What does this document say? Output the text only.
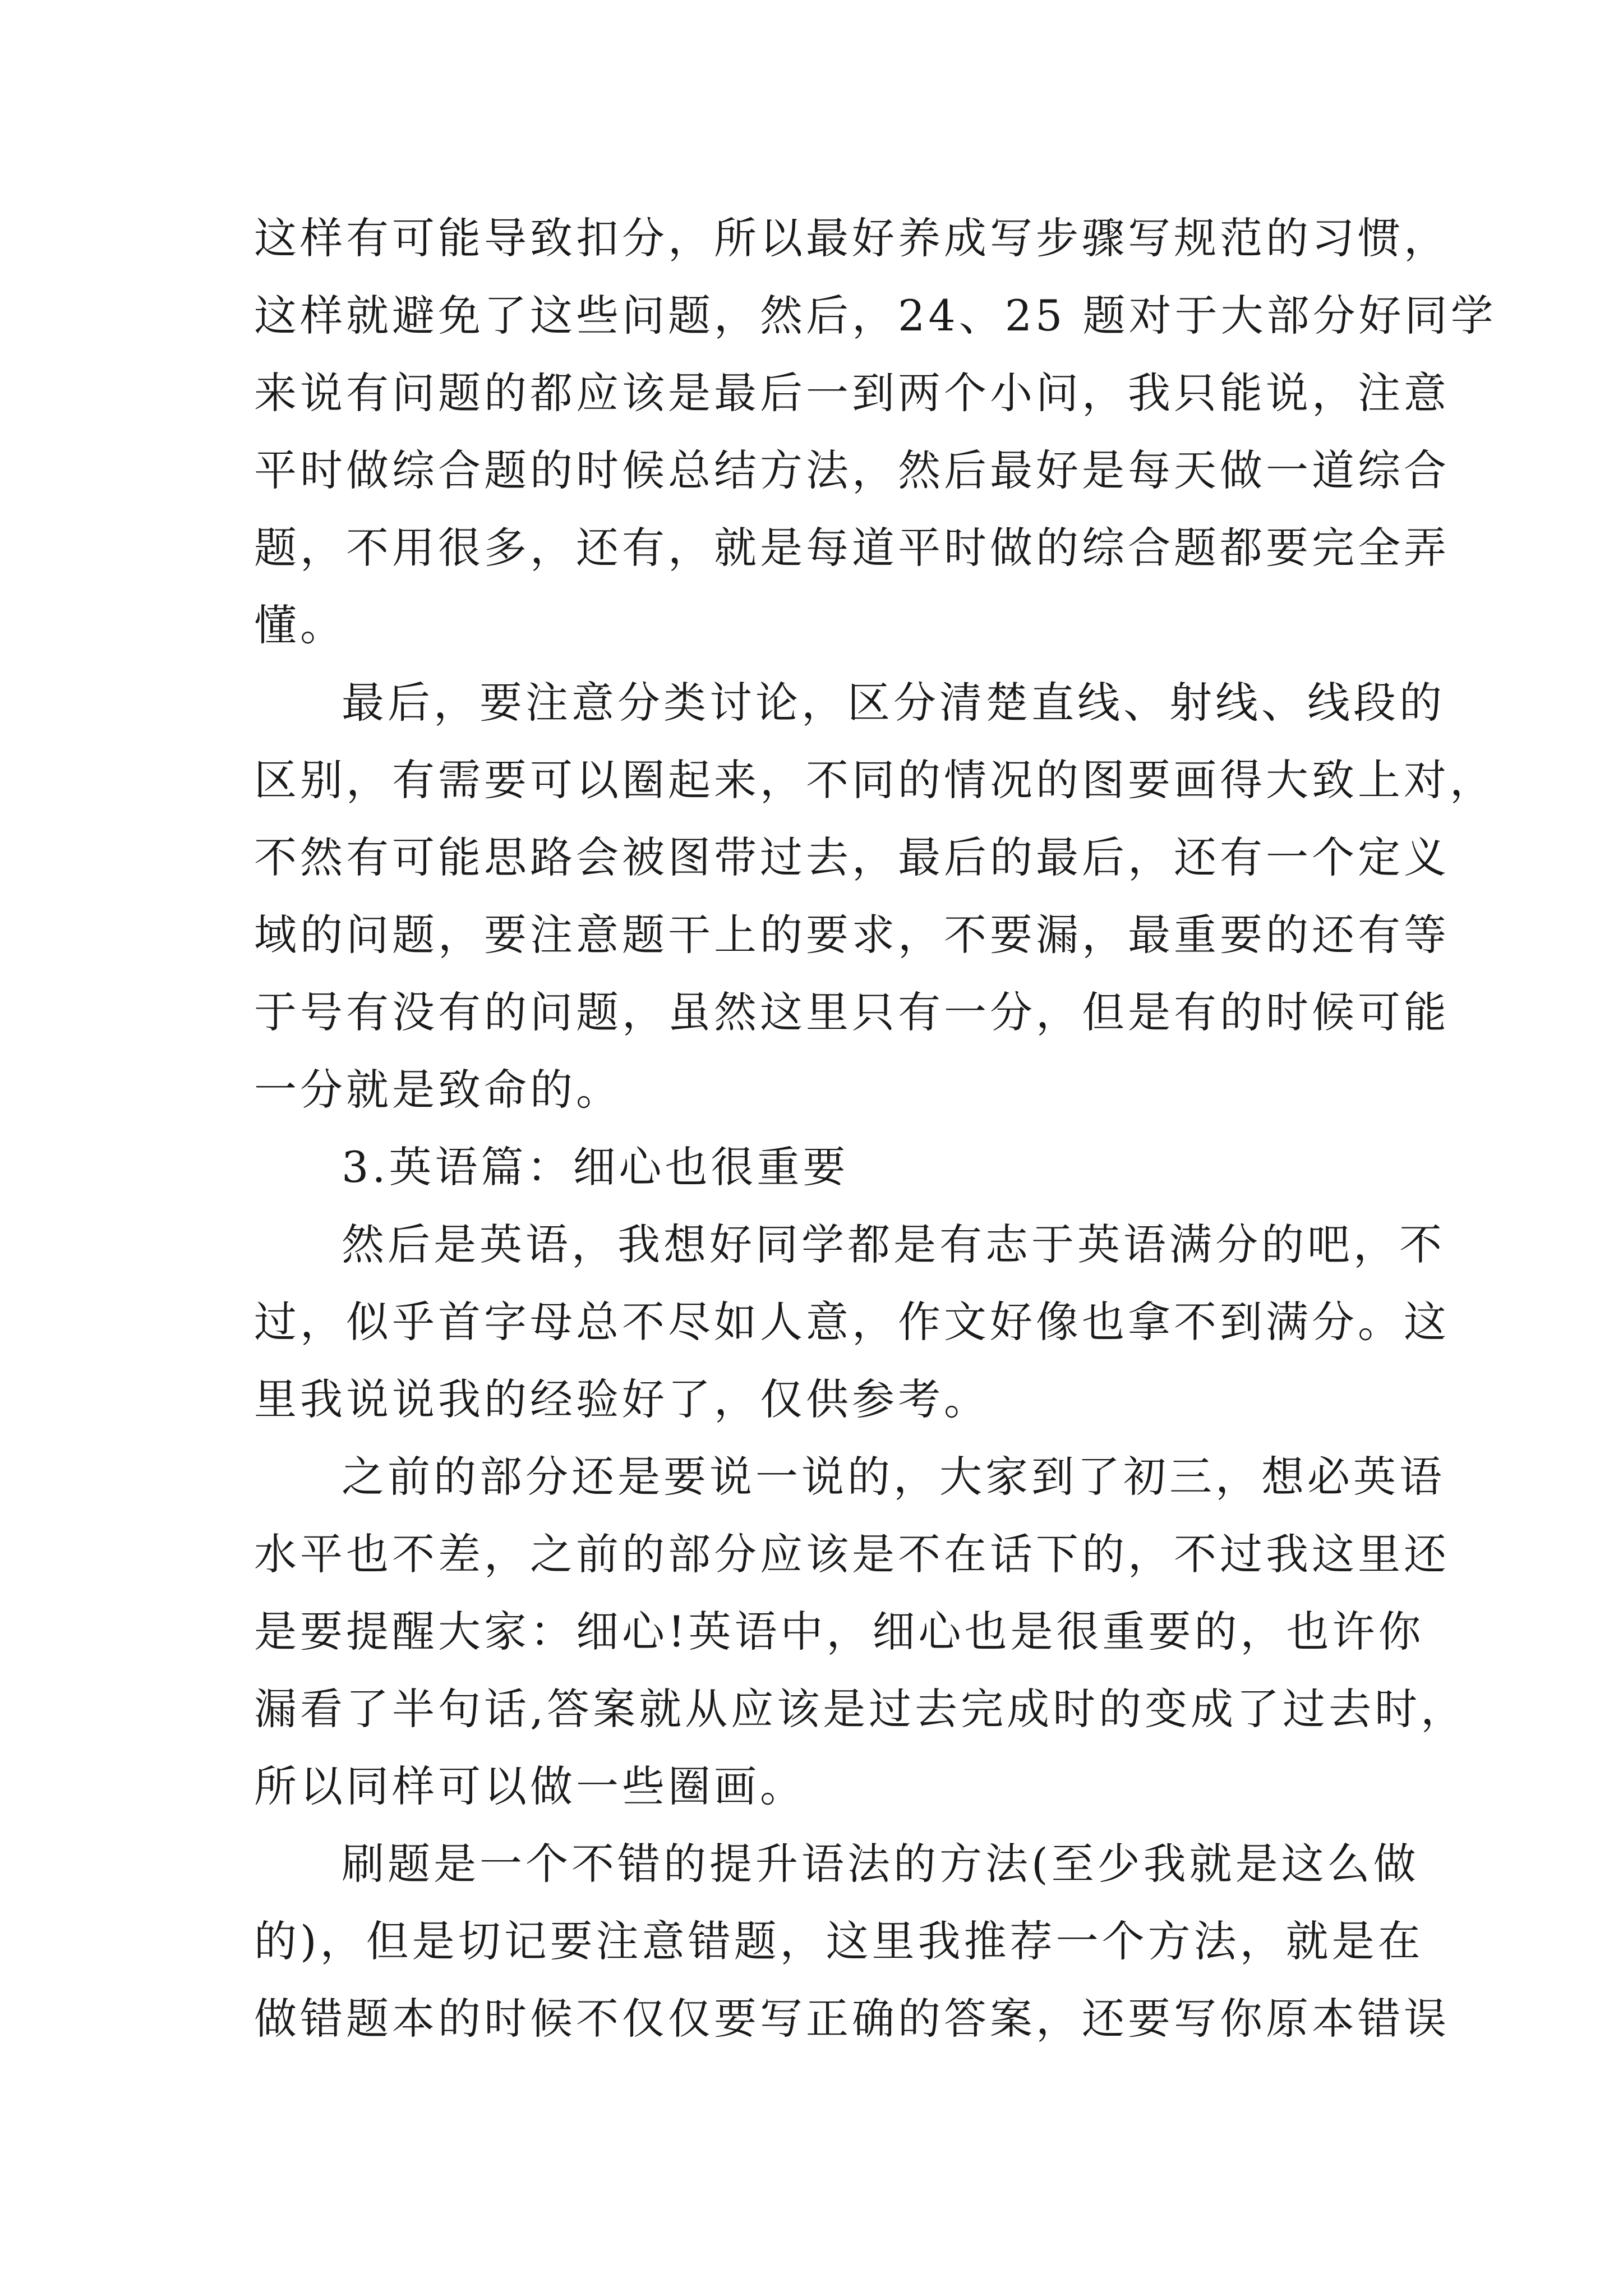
这样有可能导致扣分，所以最好养成写步骤写规范的习惯，
这样就避免了这些问题，然后，24、25 题对于大部分好同学
来说有问题的都应该是最后一到两个小问，我只能说，注意
平时做综合题的时候总结方法，然后最好是每天做一道综合
题，不用很多，还有，就是每道平时做的综合题都要完全弄
懂。
最后，要注意分类讨论，区分清楚直线、射线、线段的
区别，有需要可以圈起来，不同的情况的图要画得大致上对，
不然有可能思路会被图带过去，最后的最后，还有一个定义
域的问题，要注意题干上的要求，不要漏，最重要的还有等
于号有没有的问题，虽然这里只有一分，但是有的时候可能
一分就是致命的。
3.英语篇：细心也很重要
然后是英语，我想好同学都是有志于英语满分的吧，不
过，似乎首字母总不尽如人意，作文好像也拿不到满分。这
里我说说我的经验好了，仅供参考。
之前的部分还是要说一说的，大家到了初三，想必英语
水平也不差，之前的部分应该是不在话下的，不过我这里还
是要提醒大家：细心!英语中，细心也是很重要的，也许你
漏看了半句话,答案就从应该是过去完成时的变成了过去时，
所以同样可以做一些圈画。
刷题是一个不错的提升语法的方法(至少我就是这么做
的)，但是切记要注意错题，这里我推荐一个方法，就是在
做错题本的时候不仅仅要写正确的答案，还要写你原本错误
